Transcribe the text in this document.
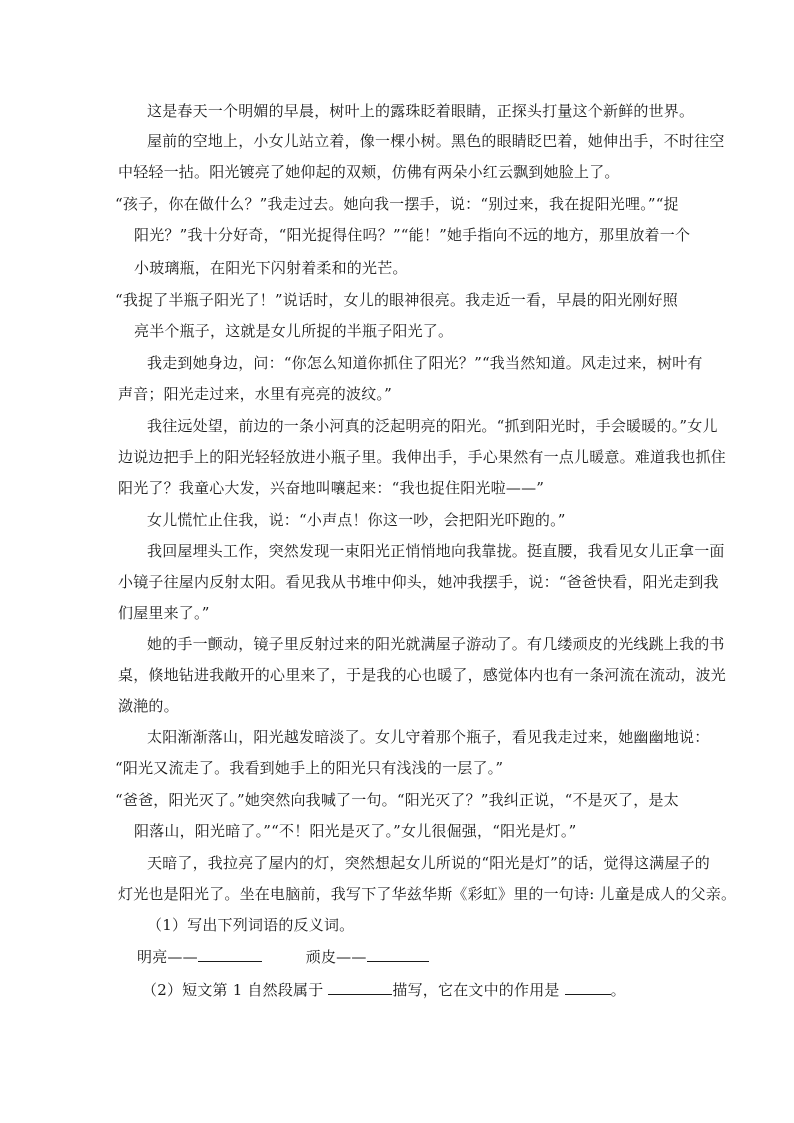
这是春天一个明媚的早晨，树叶上的露珠眨着眼睛，正探头打量这个新鲜的世界。
屋前的空地上，小女儿站立着，像一棵小树。黑色的眼睛眨巴着，她伸出手，不时往空
中轻轻一拈。阳光镀亮了她仰起的双颊，仿佛有两朵小红云飘到她脸上了。
“孩子，你在做什么？”我走过去。她向我一摆手，说：“别过来，我在捉阳光哩。”“捉
阳光？”我十分好奇，“阳光捉得住吗？”“能！”她手指向不远的地方，那里放着一个
小玻璃瓶，在阳光下闪射着柔和的光芒。
“我捉了半瓶子阳光了！”说话时，女儿的眼神很亮。我走近一看，早晨的阳光刚好照
亮半个瓶子，这就是女儿所捉的半瓶子阳光了。
我走到她身边，问：“你怎么知道你抓住了阳光？”“我当然知道。风走过来，树叶有
声音；阳光走过来，水里有亮亮的波纹。”
我往远处望，前边的一条小河真的泛起明亮的阳光。“抓到阳光时，手会暖暖的。”女儿
边说边把手上的阳光轻轻放进小瓶子里。我伸出手，手心果然有一点儿暖意。难道我也抓住
阳光了？我童心大发，兴奋地叫嚷起来：“我也捉住阳光啦——”
女儿慌忙止住我，说：“小声点！你这一吵，会把阳光吓跑的。”
我回屋埋头工作，突然发现一束阳光正悄悄地向我靠拢。挺直腰，我看见女儿正拿一面
小镜子往屋内反射太阳。看见我从书堆中仰头，她冲我摆手，说：“爸爸快看，阳光走到我
们屋里来了。”
她的手一颤动，镜子里反射过来的阳光就满屋子游动了。有几缕顽皮的光线跳上我的书
桌，倏地钻进我敞开的心里来了，于是我的心也暖了，感觉体内也有一条河流在流动，波光
潋滟的。
太阳渐渐落山，阳光越发暗淡了。女儿守着那个瓶子，看见我走过来，她幽幽地说：
“阳光又流走了。我看到她手上的阳光只有浅浅的一层了。”
“爸爸，阳光灭了。”她突然向我喊了一句。“阳光灭了？”我纠正说，“不是灭了，是太
阳落山，阳光暗了。”“不！阳光是灭了。”女儿很倔强，“阳光是灯。”
天暗了，我拉亮了屋内的灯，突然想起女儿所说的“阳光是灯”的话，觉得这满屋子的
灯光也是阳光了。坐在电脑前，我写下了华兹华斯《彩虹》里的一句诗: 儿童是成人的父亲。
（1）写出下列词语的反义词。
明亮——	顽皮——
（2）短文第 1 自然段属于	描写，它在文中的作用是	。
